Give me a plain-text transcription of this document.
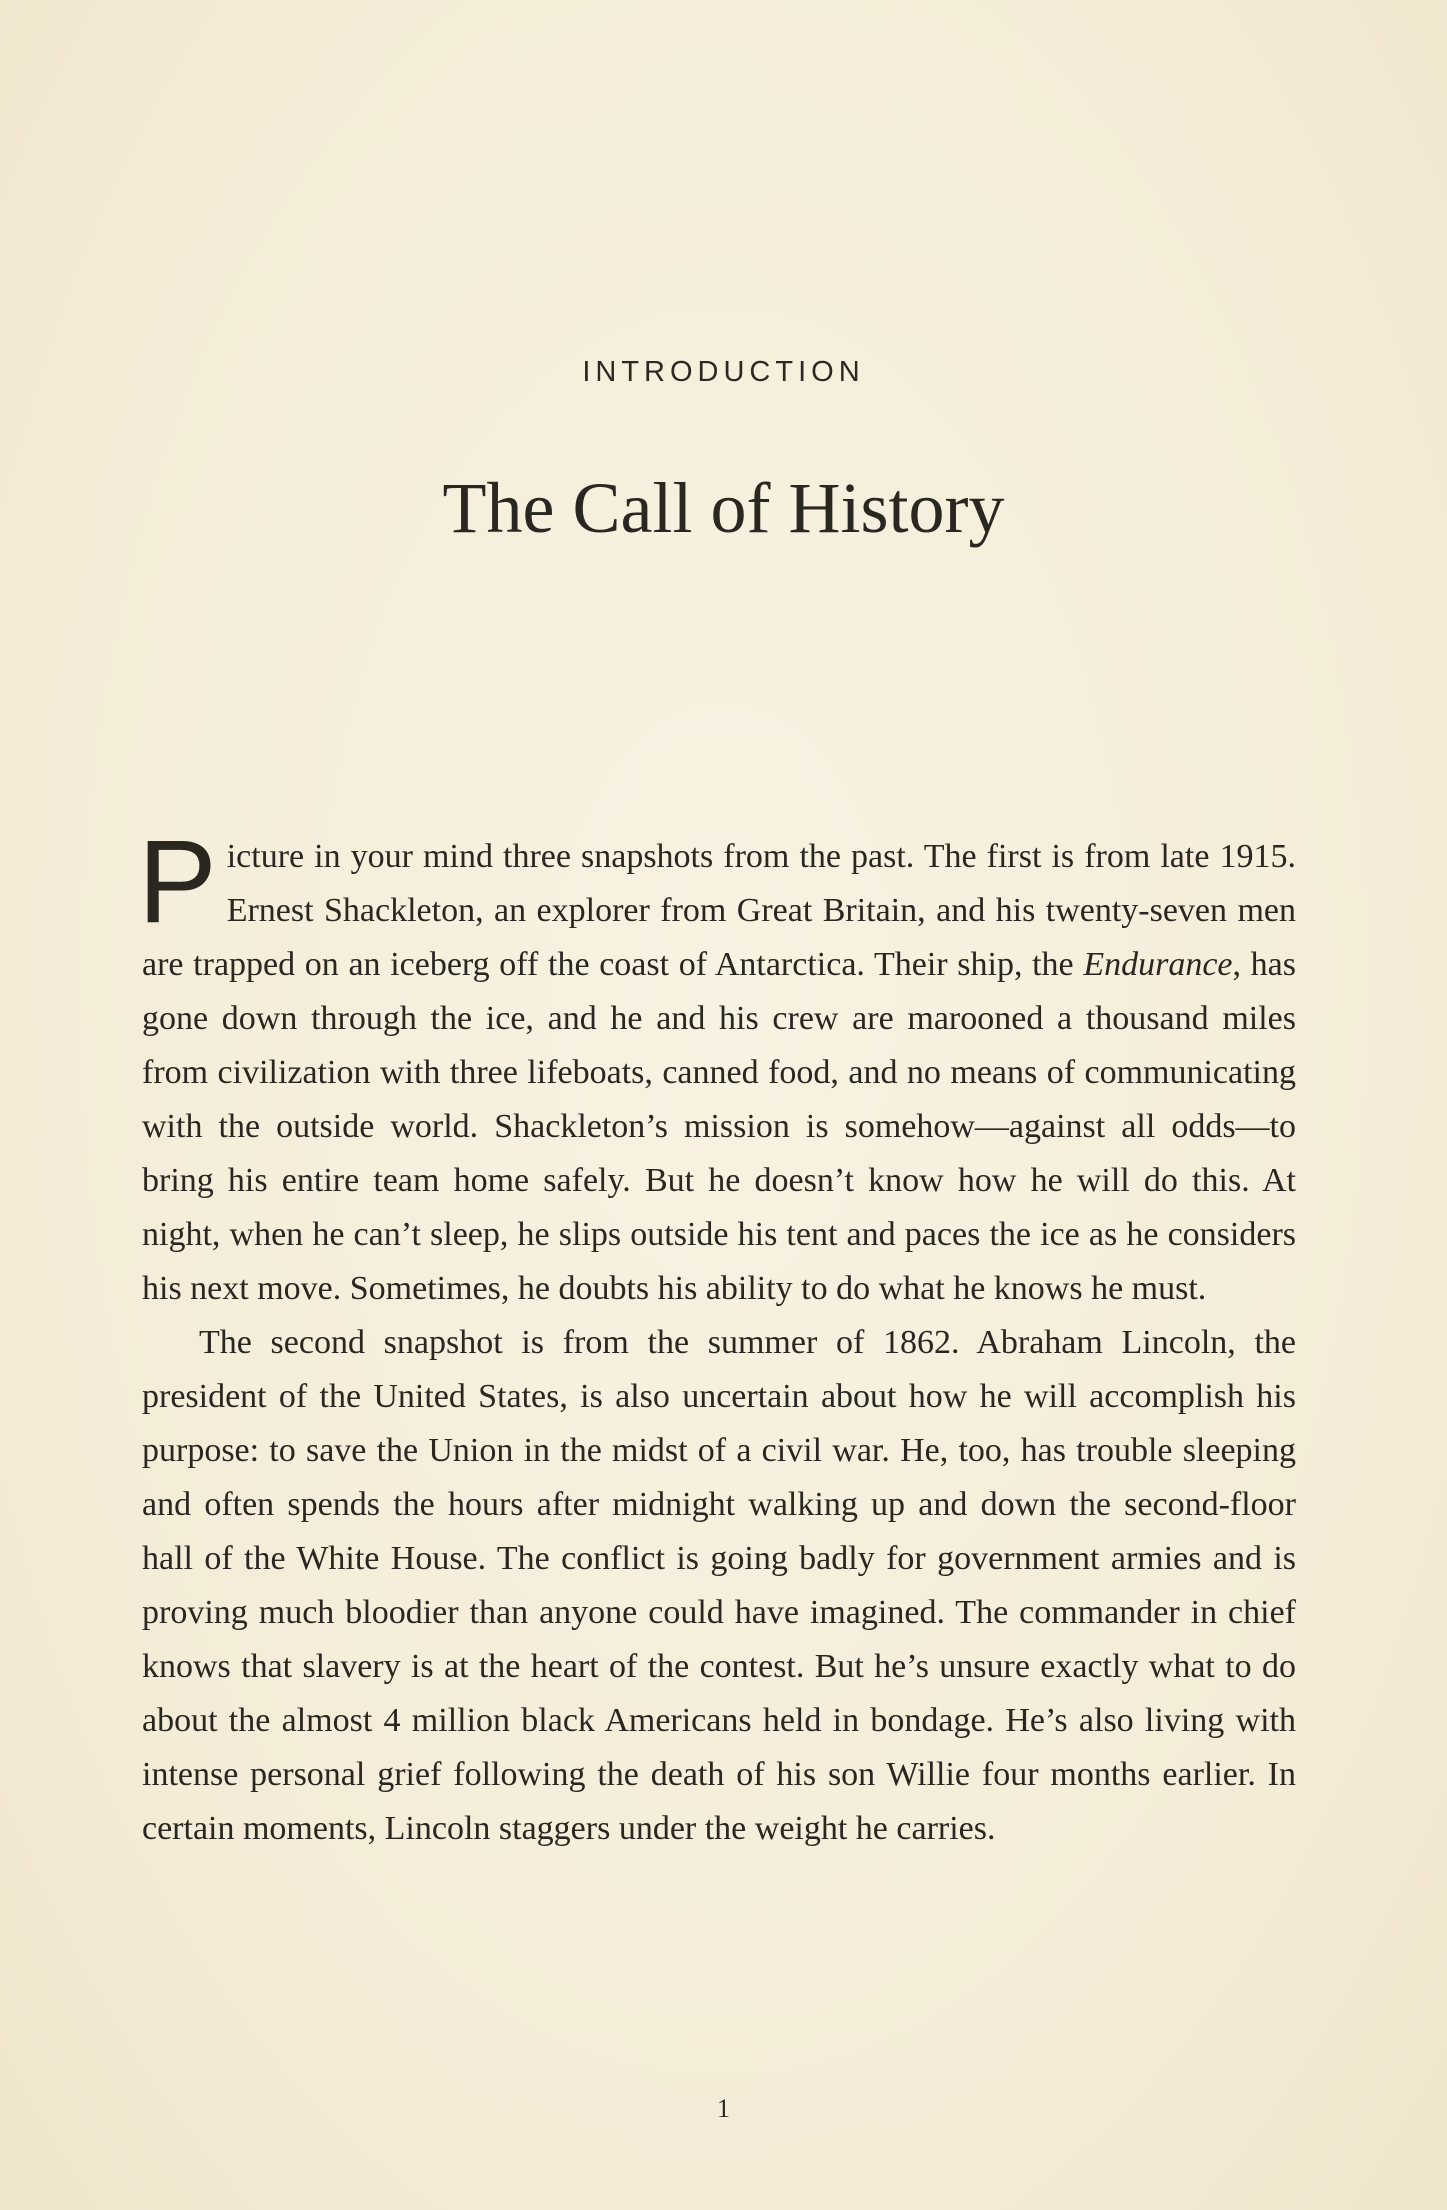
INTRODUCTION
The Call of History

Picture in your mind three snapshots from the past. The first is from late 1915. Ernest Shackleton, an explorer from Great Britain, and his twenty-seven men are trapped on an iceberg off the coast of Antarctica. Their ship, the Endurance, has gone down through the ice, and he and his crew are marooned a thousand miles from civilization with three lifeboats, canned food, and no means of communicating with the outside world. Shackleton’s mission is somehow—against all odds—to bring his entire team home safely. But he doesn’t know how he will do this. At night, when he can’t sleep, he slips outside his tent and paces the ice as he considers his next move. Sometimes, he doubts his ability to do what he knows he must.

The second snapshot is from the summer of 1862. Abraham Lincoln, the president of the United States, is also uncertain about how he will accomplish his purpose: to save the Union in the midst of a civil war. He, too, has trouble sleeping and often spends the hours after midnight walking up and down the second-floor hall of the White House. The conflict is going badly for government armies and is proving much bloodier than anyone could have imagined. The commander in chief knows that slavery is at the heart of the contest. But he’s unsure exactly what to do about the almost 4 million black Americans held in bondage. He’s also living with intense personal grief following the death of his son Willie four months earlier. In certain moments, Lincoln staggers under the weight he carries.

1
